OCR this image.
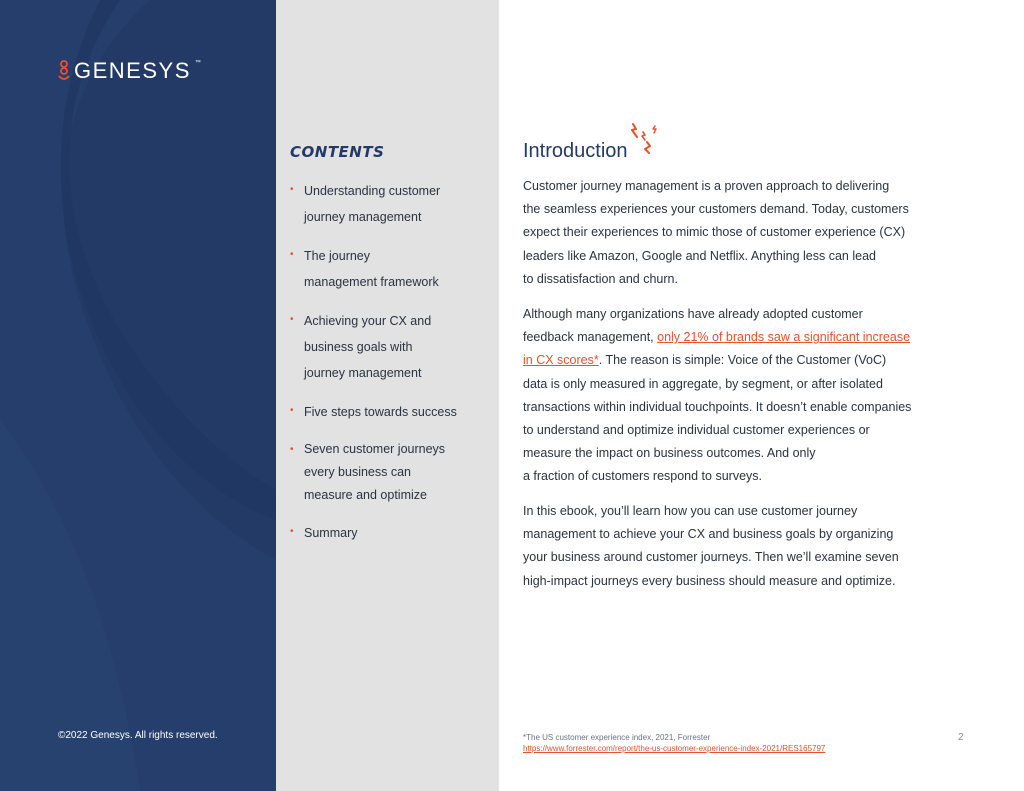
GENESYS ™
©2022 Genesys. All rights reserved.
CONTENTS
• Understanding customer
journey management
• The journey
management framework
• Achieving your CX and
business goals with
journey management
• Five steps towards success
• Seven customer journeys
every business can
measure and optimize
• Summary
Introduction
Customer journey management is a proven approach to delivering
the seamless experiences your customers demand. Today, customers
expect their experiences to mimic those of customer experience (CX)
leaders like Amazon, Google and Netflix. Anything less can lead
to dissatisfaction and churn.
Although many organizations have already adopted customer
feedback management, only 21% of brands saw a significant increase
in CX scores*. The reason is simple: Voice of the Customer (VoC)
data is only measured in aggregate, by segment, or after isolated
transactions within individual touchpoints. It doesn’t enable companies
to understand and optimize individual customer experiences or
measure the impact on business outcomes. And only
a fraction of customers respond to surveys.
In this ebook, you’ll learn how you can use customer journey
management to achieve your CX and business goals by organizing
your business around customer journeys. Then we’ll examine seven
high-impact journeys every business should measure and optimize.
*The US customer experience index, 2021, Forrester
https://www.forrester.com/report/the-us-customer-experience-index-2021/RES165797
2
